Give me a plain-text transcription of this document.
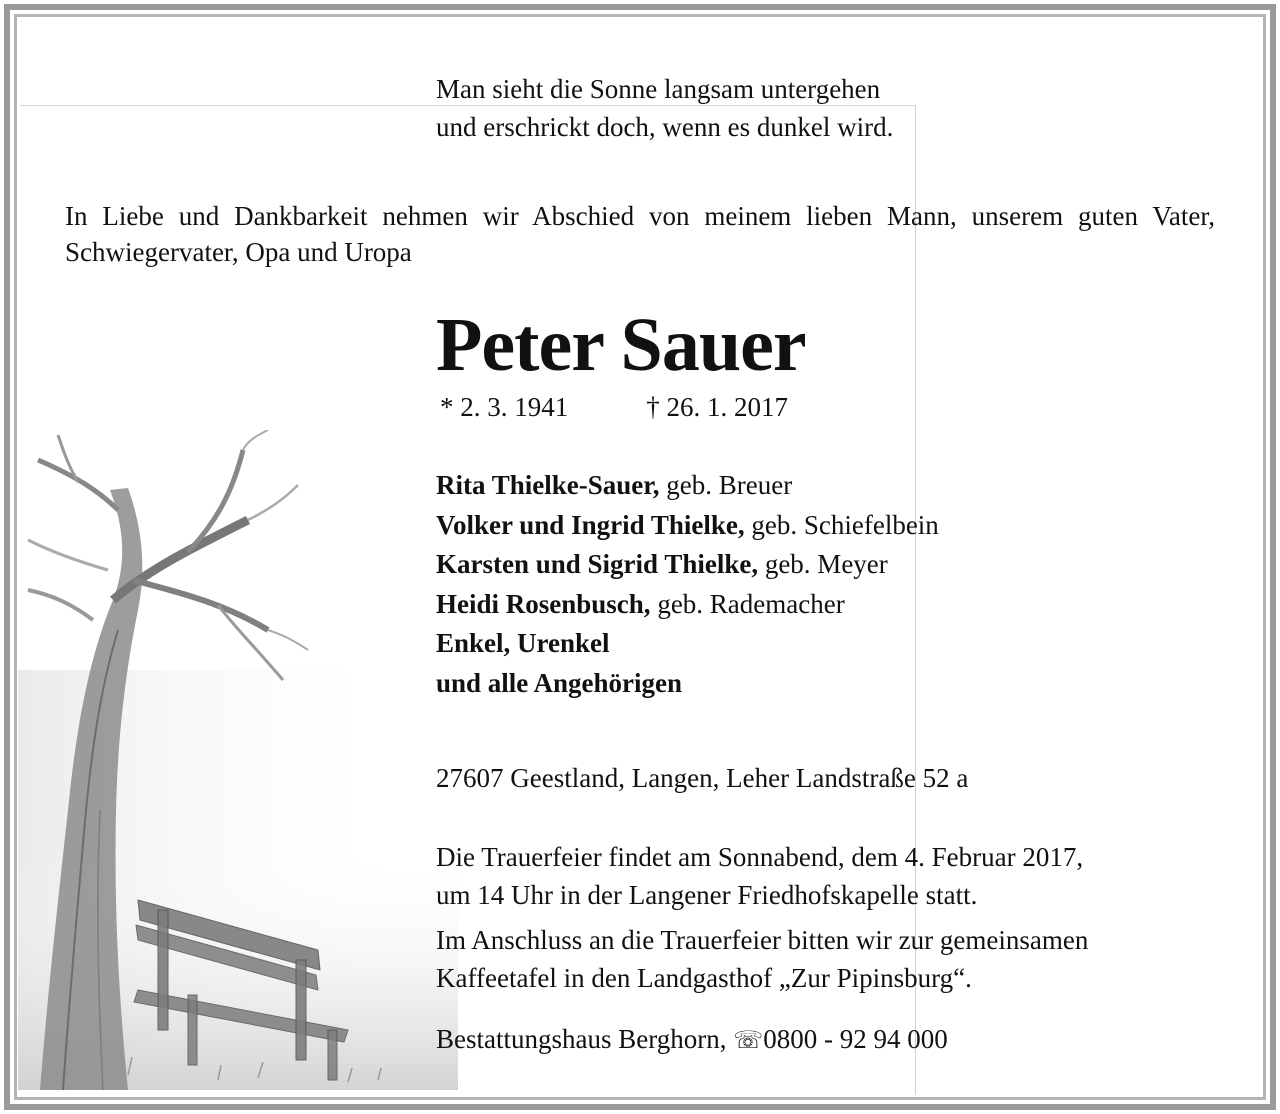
Man sieht die Sonne langsam untergehen
und erschrickt doch, wenn es dunkel wird.
In Liebe und Dankbarkeit nehmen wir Abschied von meinem lieben Mann, unserem guten Vater, Schwiegervater, Opa und Uropa
Peter Sauer
* 2. 3. 1941	† 26. 1. 2017
Rita Thielke-Sauer, geb. Breuer
Volker und Ingrid Thielke, geb. Schiefelbein
Karsten und Sigrid Thielke, geb. Meyer
Heidi Rosenbusch, geb. Rademacher
Enkel, Urenkel
und alle Angehörigen
27607 Geestland, Langen, Leher Landstraße 52 a
Die Trauerfeier findet am Sonnabend, dem 4. Februar 2017,
um 14 Uhr in der Langener Friedhofskapelle statt.
Im Anschluss an die Trauerfeier bitten wir zur gemeinsamen
Kaffeetafel in den Landgasthof „Zur Pipinsburg“.
Bestattungshaus Berghorn, ☏0800 - 92 94 000
